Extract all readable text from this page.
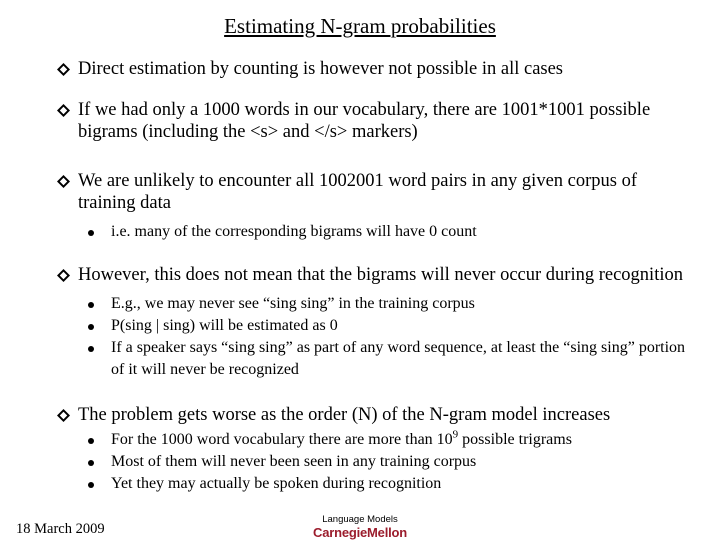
Estimating N-gram probabilities
Direct estimation by counting is however not possible in all cases
If we had only a 1000 words in our vocabulary, there are 1001*1001 possible bigrams (including the <s> and </s> markers)
We are unlikely to encounter all 1002001 word pairs in any given corpus of training data
i.e. many of the corresponding bigrams will have 0 count
However, this does not mean that the bigrams will never occur during recognition
E.g., we may never see “sing sing” in the training corpus
P(sing | sing) will be estimated as 0
If a speaker says “sing sing” as part of any word sequence, at least the “sing sing” portion of it will never be recognized
The problem gets worse as the order (N) of the N-gram model increases
For the 1000 word vocabulary there are more than $10^9$ possible trigrams
Most of them will never been seen in any training corpus
Yet they may actually be spoken during recognition
18 March 2009
Language Models
CarnegieMellon
